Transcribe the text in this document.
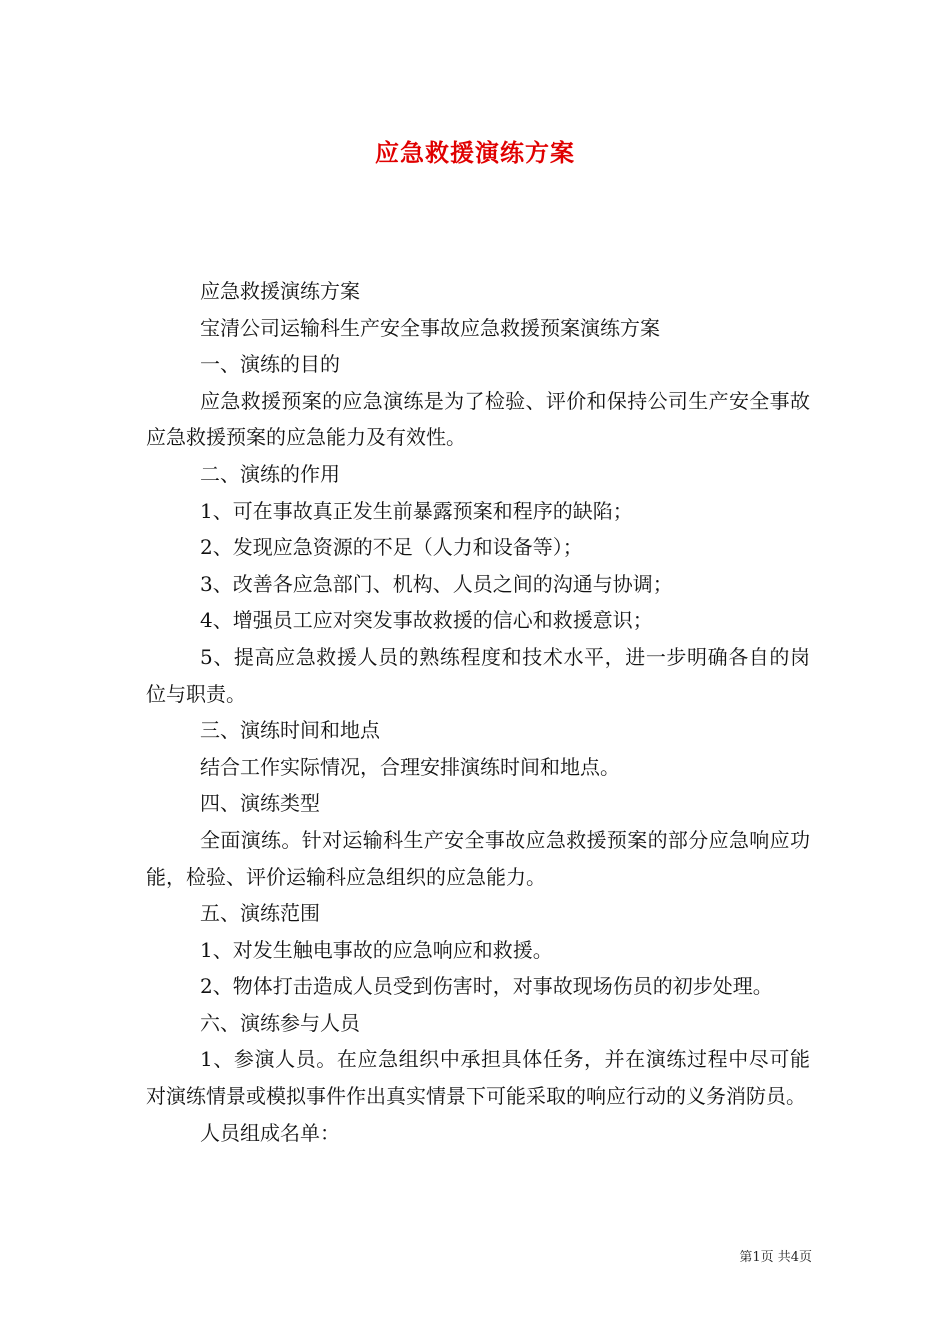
应急救援演练方案

应急救援演练方案

宝清公司运输科生产安全事故应急救援预案演练方案

一、演练的目的

应急救援预案的应急演练是为了检验、评价和保持公司生产安全事故应急救援预案的应急能力及有效性。

二、演练的作用

1、可在事故真正发生前暴露预案和程序的缺陷；

2、发现应急资源的不足（人力和设备等）；

3、改善各应急部门、机构、人员之间的沟通与协调；

4、增强员工应对突发事故救援的信心和救援意识；

5、提高应急救援人员的熟练程度和技术水平，进一步明确各自的岗位与职责。

三、演练时间和地点

结合工作实际情况，合理安排演练时间和地点。

四、演练类型

全面演练。针对运输科生产安全事故应急救援预案的部分应急响应功能，检验、评价运输科应急组织的应急能力。

五、演练范围

1、对发生触电事故的应急响应和救援。

2、物体打击造成人员受到伤害时，对事故现场伤员的初步处理。

六、演练参与人员

1、参演人员。在应急组织中承担具体任务，并在演练过程中尽可能对演练情景或模拟事件作出真实情景下可能采取的响应行动的义务消防员。

人员组成名单：

第1页 共4页
